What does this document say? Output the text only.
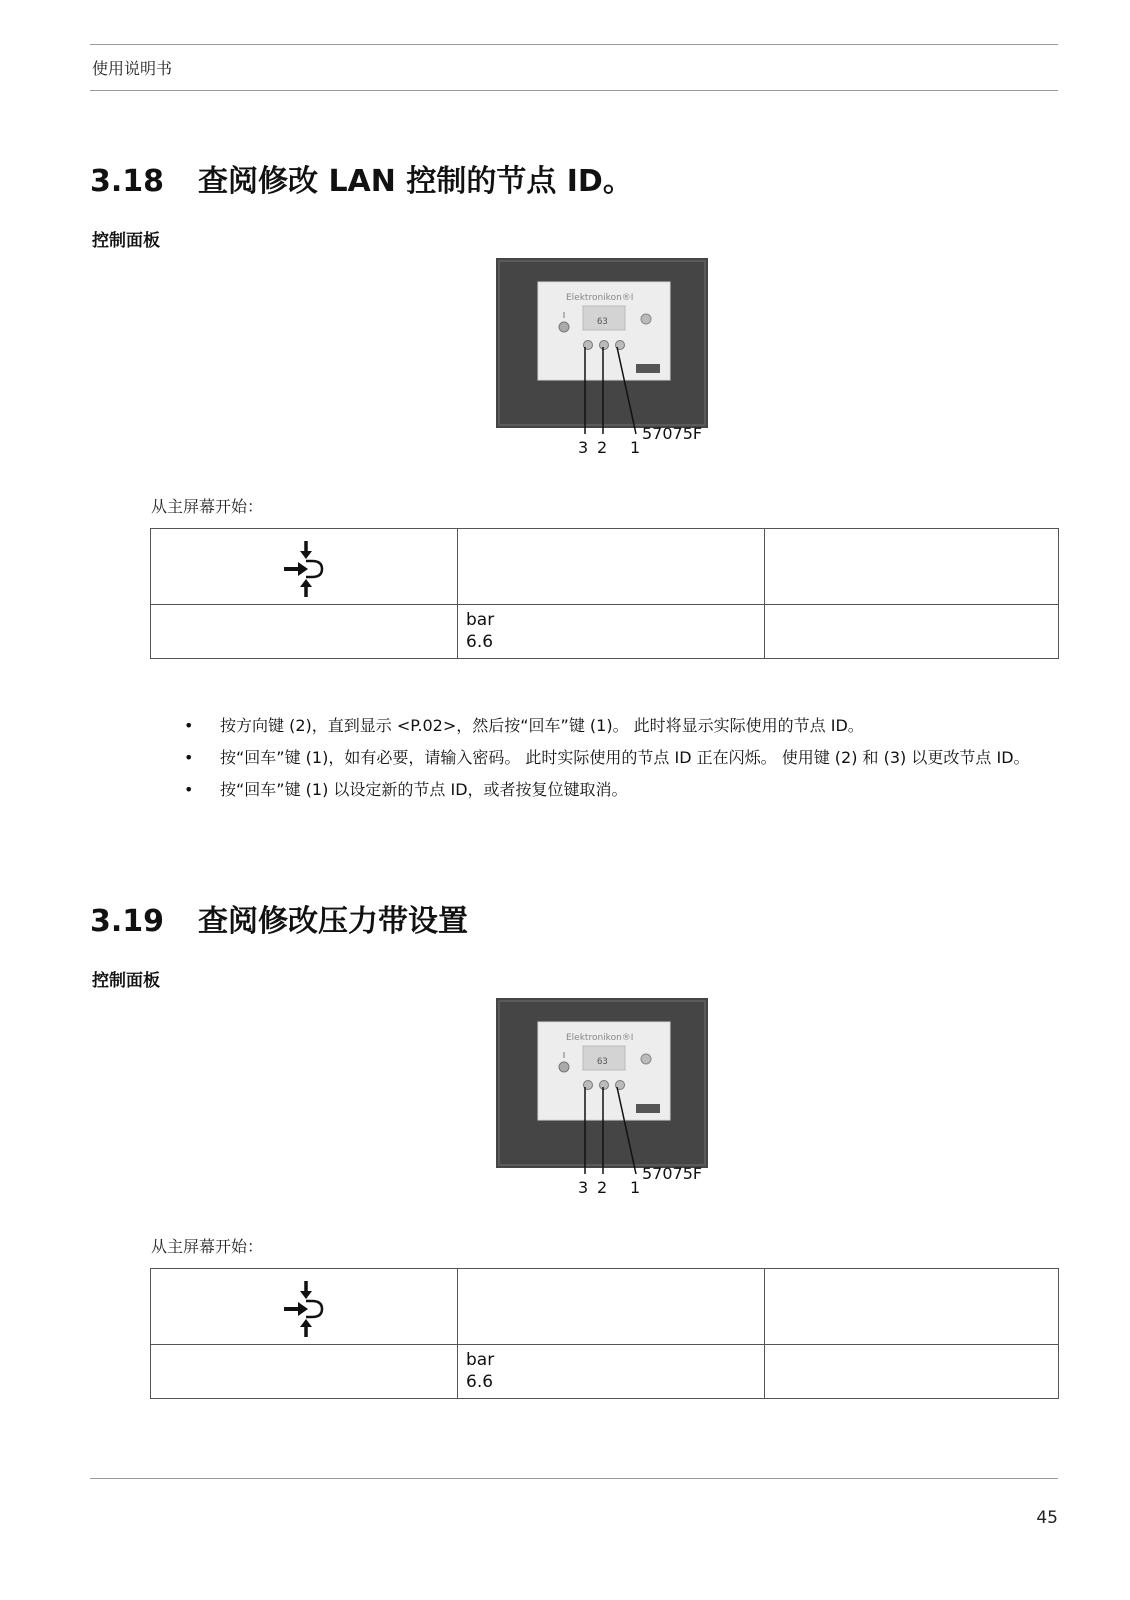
使用说明书
3.18 查阅修改 LAN 控制的节点 ID。
控制面板
Elektronikon®I
63
3 2 1
57075F
从主屏幕开始：

	bar
6.6	

• 按方向键 (2)，直到显示 <P.02>，然后按“回车”键 (1)。 此时将显示实际使用的节点 ID。
• 按“回车”键 (1)，如有必要，请输入密码。 此时实际使用的节点 ID 正在闪烁。 使用键 (2) 和 (3) 以更改节点 ID。
• 按“回车”键 (1) 以设定新的节点 ID，或者按复位键取消。
3.19 查阅修改压力带设置
控制面板
Elektronikon®I
63
3 2 1
57075F
从主屏幕开始：

	bar
6.6	

45
